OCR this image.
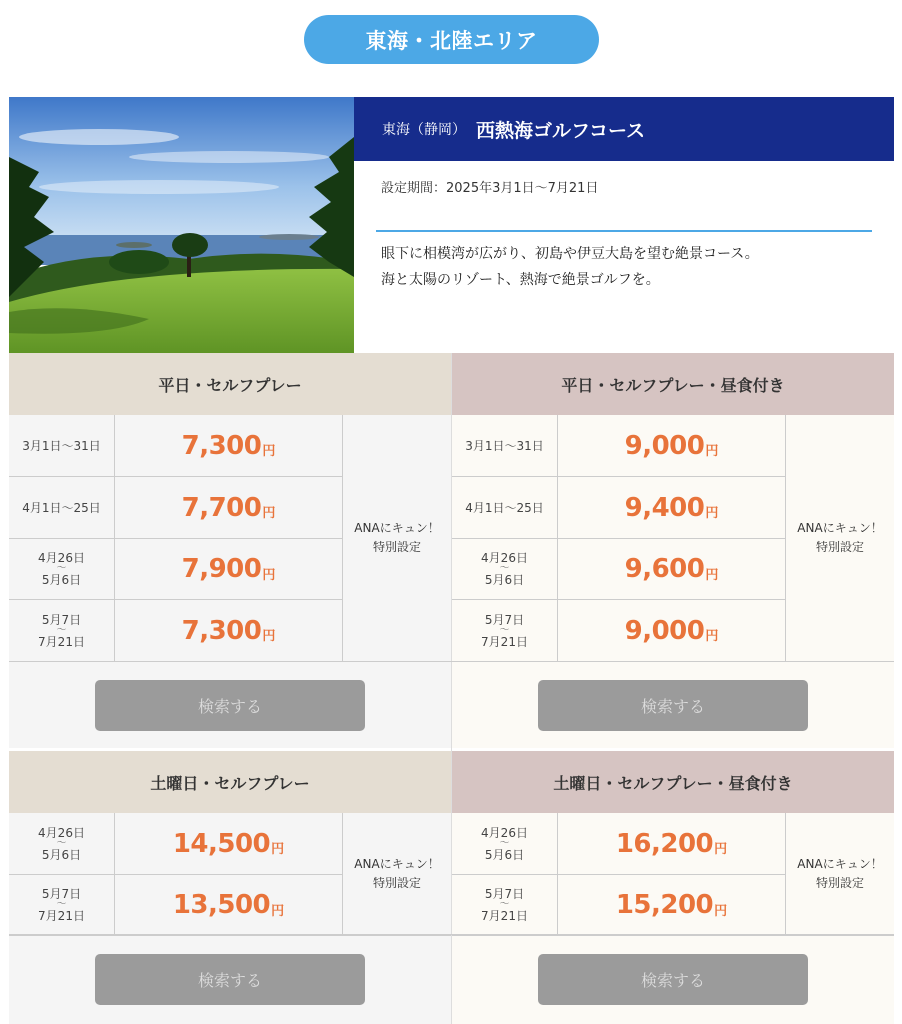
東海・北陸エリア
東海（静岡） 西熱海ゴルフコース
設定期間：2025年3月1日〜7月21日
眼下に相模湾が広がり、初島や伊豆大島を望む絶景コース。
海と太陽のリゾート、熱海で絶景ゴルフを。
平日・セルフプレー
3月1日〜31日	7,300 円
4月1日〜25日	7,700 円
4月26日
〜
5月6日	7,900 円
5月7日
〜
7月21日	7,300 円
ANAにキュン！
特別設定
検索する
平日・セルフプレー・昼食付き
3月1日〜31日	9,000 円
4月1日〜25日	9,400 円
4月26日
〜
5月6日	9,600 円
5月7日
〜
7月21日	9,000 円
ANAにキュン！
特別設定
検索する
土曜日・セルフプレー
4月26日
〜
5月6日	14,500 円
5月7日
〜
7月21日	13,500 円
ANAにキュン！
特別設定
検索する
土曜日・セルフプレー・昼食付き
4月26日
〜
5月6日	16,200 円
5月7日
〜
7月21日	15,200 円
ANAにキュン！
特別設定
検索する
